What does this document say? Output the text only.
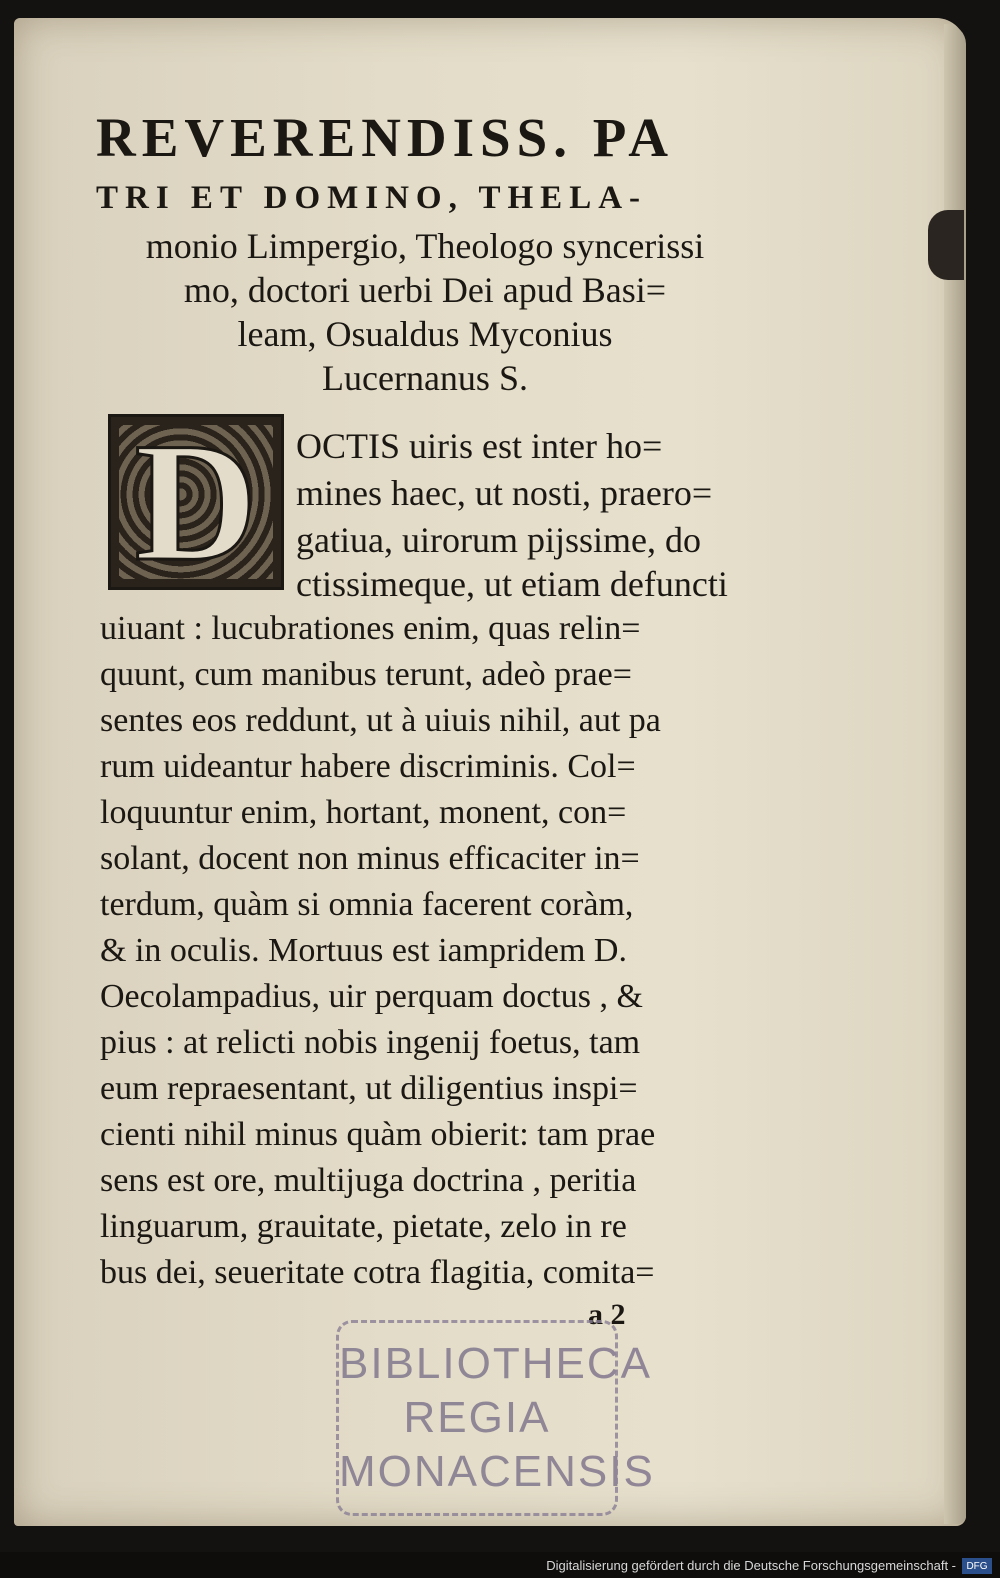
REVERENDISS. PA
TRI ET DOMINO, THELA-
monio Limpergio, Theologo syncerissi
mo, doctori uerbi Dei apud Basi=
leam, Osualdus Myconius
Lucernanus S.
D	OCTIS uiris est inter ho=
mines haec, ut nosti, praero=
gatiua, uirorum pijssime, do
ctissimeque, ut etiam defuncti
uiuant : lucubrationes enim, quas relin=
quunt, cum manibus terunt, adeò prae=
sentes eos reddunt, ut à uiuis nihil, aut pa
rum uideantur habere discriminis. Col=
loquuntur enim, hortant, monent, con=
solant, docent non minus efficaciter in=
terdum, quàm si omnia facerent coràm,
& in oculis. Mortuus est iampridem D.
Oecolampadius, uir perquam doctus , &
pius : at relicti nobis ingenij foetus, tam
eum repraesentant, ut diligentius inspi=
cienti nihil minus quàm obierit: tam prae
sens est ore, multijuga doctrina , peritia
linguarum, grauitate, pietate, zelo in re
bus dei, seueritate cotra flagitia, comita=
a 2
BIBLIOTHECA
REGIA
MONACENSIS
Digitalisierung gefördert durch die Deutsche Forschungsgemeinschaft -	DFG
